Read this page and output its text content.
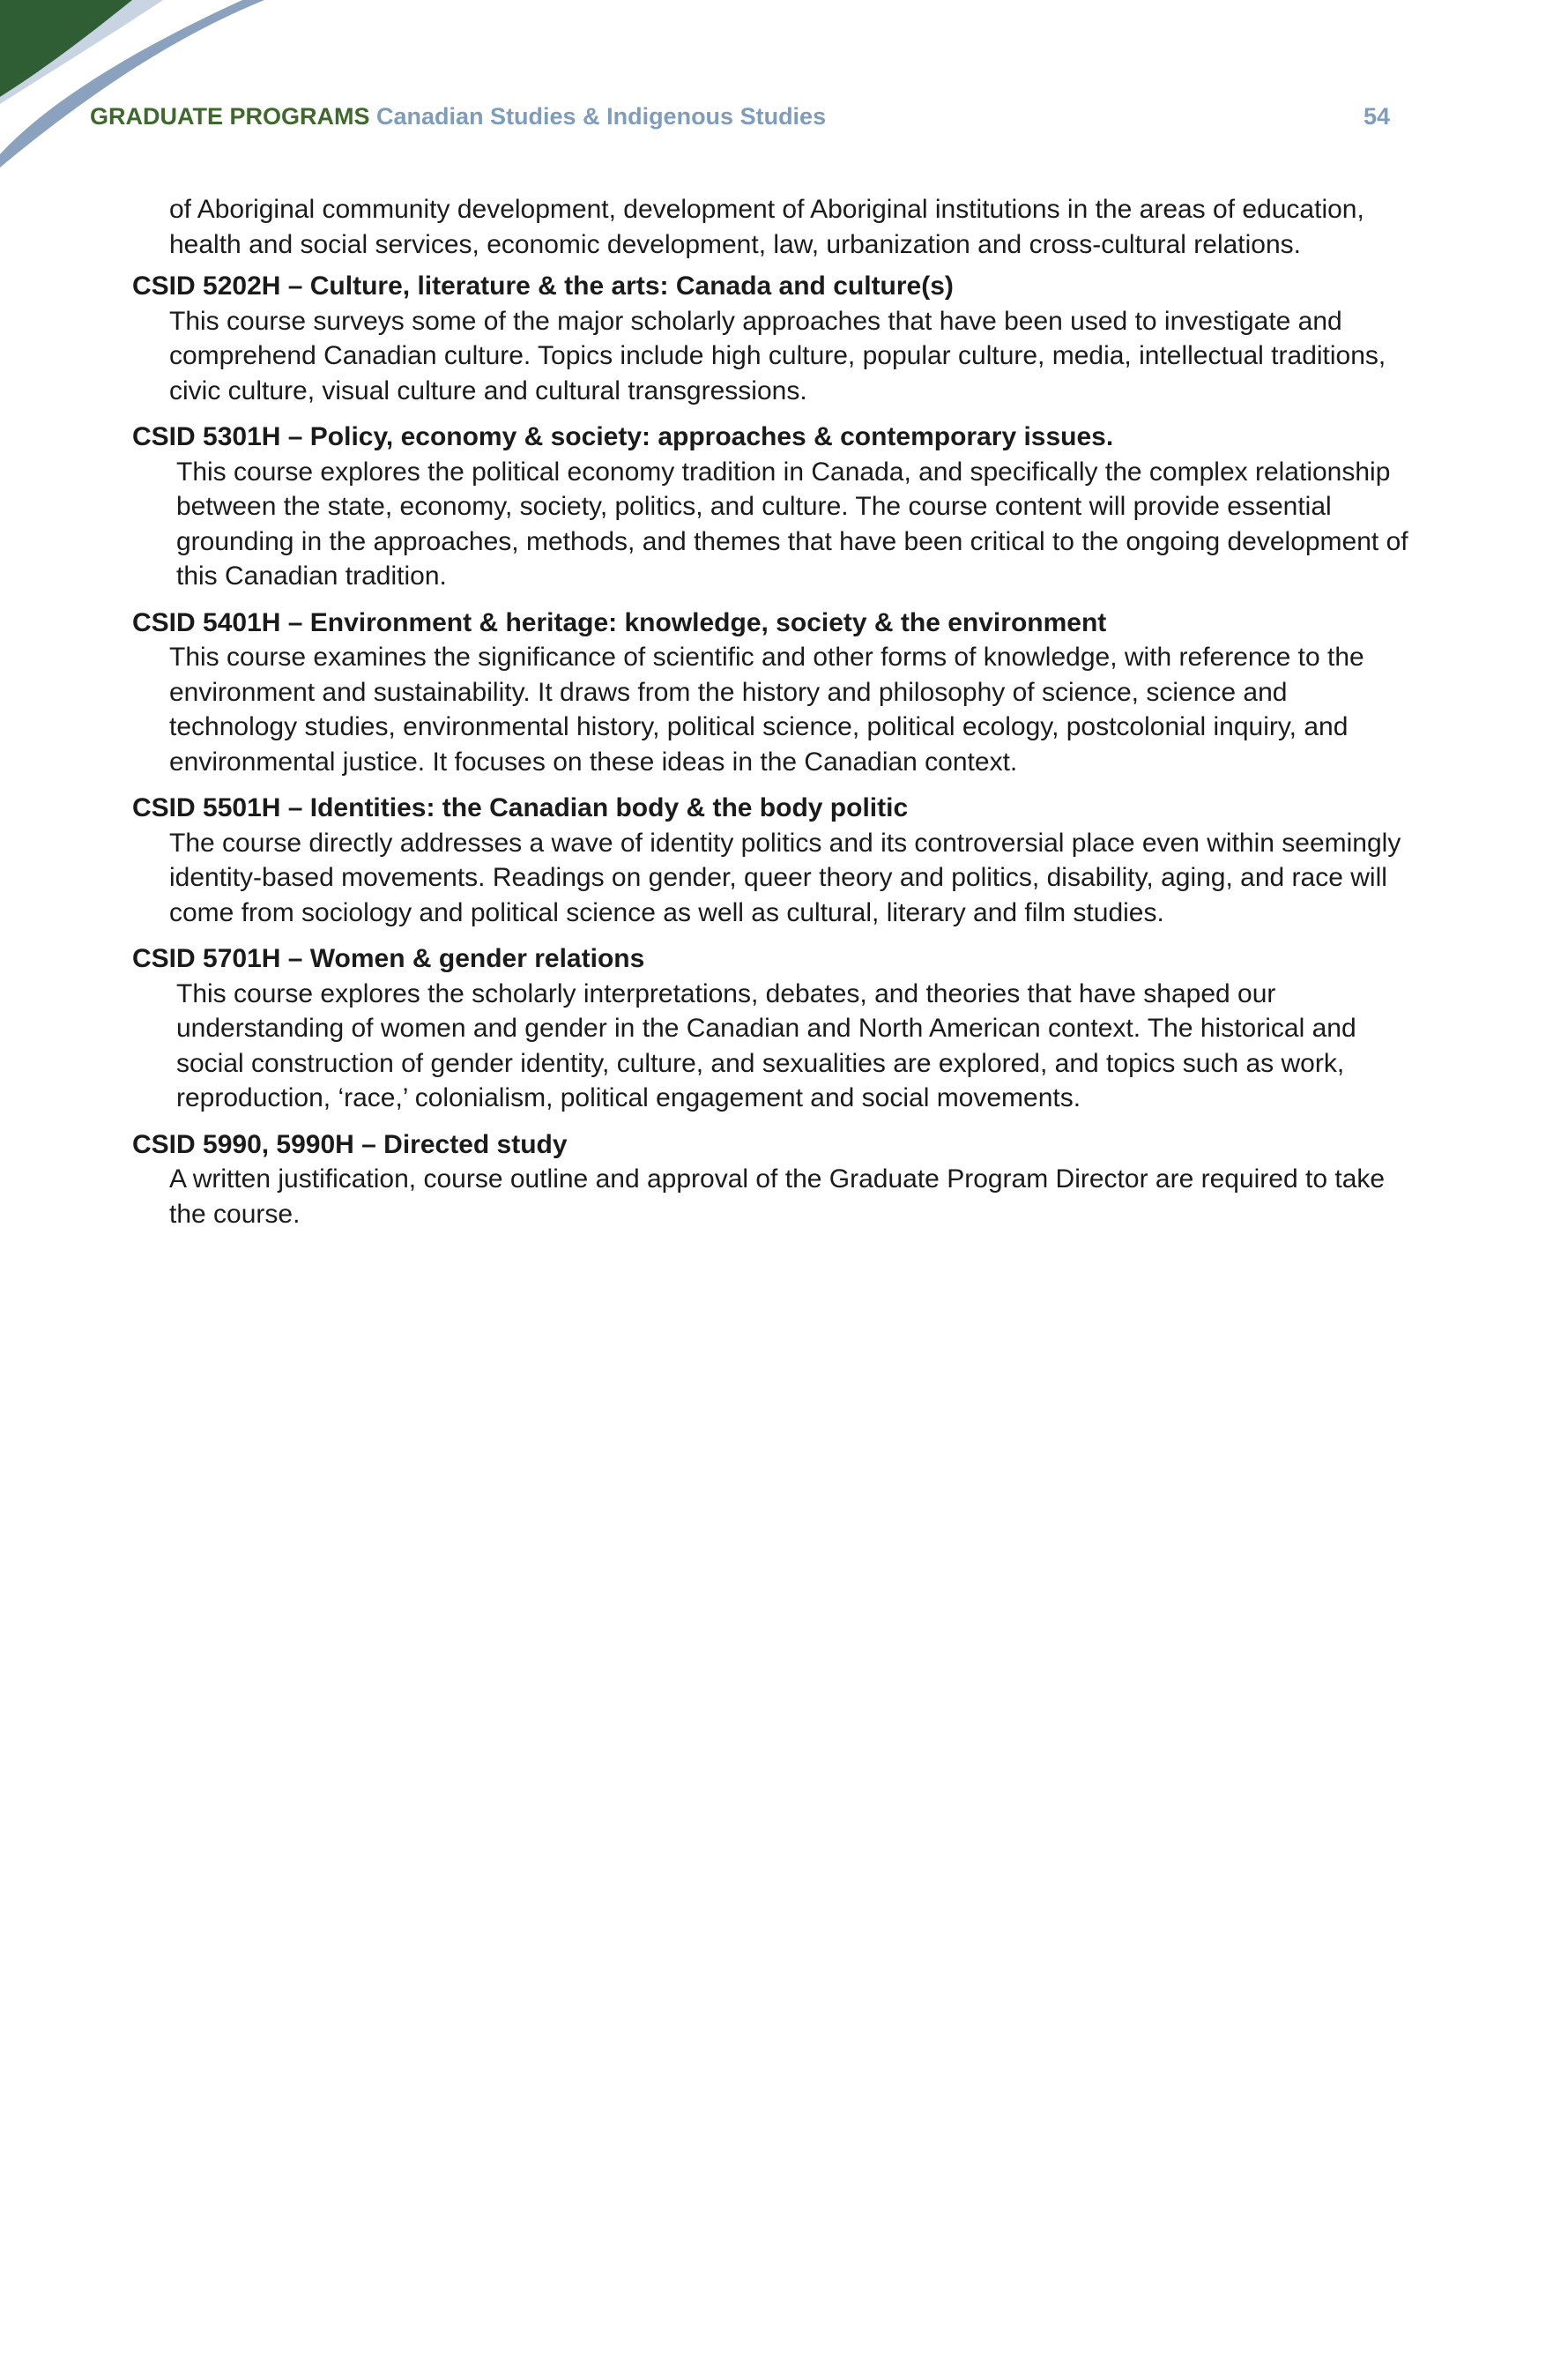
GRADUATE PROGRAMS Canadian Studies & Indigenous Studies	54

of Aboriginal community development, development of Aboriginal institutions in the areas of education, health and social services, economic development, law, urbanization and cross-cultural relations.

CSID 5202H – Culture, literature & the arts: Canada and culture(s)

This course surveys some of the major scholarly approaches that have been used to investigate and comprehend Canadian culture. Topics include high culture, popular culture, media, intellectual traditions, civic culture, visual culture and cultural transgressions.

CSID 5301H – Policy, economy & society: approaches & contemporary issues.

This course explores the political economy tradition in Canada, and specifically the complex relationship between the state, economy, society, politics, and culture. The course content will provide essential grounding in the approaches, methods, and themes that have been critical to the ongoing development of this Canadian tradition.

CSID 5401H – Environment & heritage: knowledge, society & the environment

This course examines the significance of scientific and other forms of knowledge, with reference to the environment and sustainability. It draws from the history and philosophy of science, science and technology studies, environmental history, political science, political ecology, postcolonial inquiry, and environmental justice. It focuses on these ideas in the Canadian context.

CSID 5501H – Identities: the Canadian body & the body politic

The course directly addresses a wave of identity politics and its controversial place even within seemingly identity-based movements. Readings on gender, queer theory and politics, disability, aging, and race will come from sociology and political science as well as cultural, literary and film studies.

CSID 5701H – Women & gender relations

This course explores the scholarly interpretations, debates, and theories that have shaped our understanding of women and gender in the Canadian and North American context. The historical and social construction of gender identity, culture, and sexualities are explored, and topics such as work, reproduction, ‘race,’ colonialism, political engagement and social movements.

CSID 5990, 5990H – Directed study

A written justification, course outline and approval of the Graduate Program Director are required to take the course.
